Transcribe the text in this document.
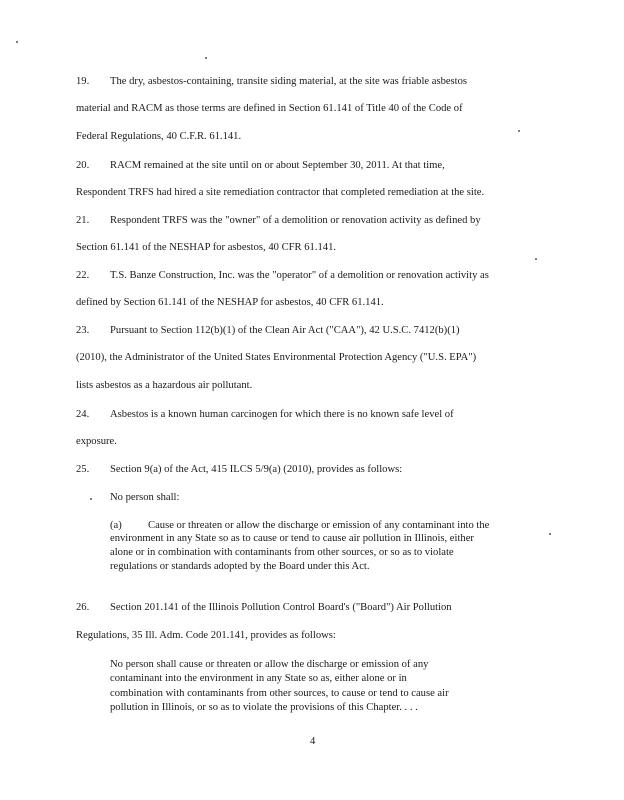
19. The dry, asbestos-containing, transite siding material, at the site was friable asbestos
material and RACM as those terms are defined in Section 61.141 of Title 40 of the Code of
Federal Regulations, 40 C.F.R. 61.141.
20. RACM remained at the site until on or about September 30, 2011. At that time,
Respondent TRFS had hired a site remediation contractor that completed remediation at the site.
21. Respondent TRFS was the "owner" of a demolition or renovation activity as defined by
Section 61.141 of the NESHAP for asbestos, 40 CFR 61.141.
22. T.S. Banze Construction, Inc. was the "operator" of a demolition or renovation activity as
defined by Section 61.141 of the NESHAP for asbestos, 40 CFR 61.141.
23. Pursuant to Section 112(b)(1) of the Clean Air Act ("CAA"), 42 U.S.C. 7412(b)(1)
(2010), the Administrator of the United States Environmental Protection Agency ("U.S. EPA")
lists asbestos as a hazardous air pollutant.
24. Asbestos is a known human carcinogen for which there is no known safe level of
exposure.
25. Section 9(a) of the Act, 415 ILCS 5/9(a) (2010), provides as follows:
No person shall:
(a) Cause or threaten or allow the discharge or emission of any contaminant into the
environment in any State so as to cause or tend to cause air pollution in Illinois, either
alone or in combination with contaminants from other sources, or so as to violate
regulations or standards adopted by the Board under this Act.
26. Section 201.141 of the Illinois Pollution Control Board's ("Board") Air Pollution
Regulations, 35 Ill. Adm. Code 201.141, provides as follows:
No person shall cause or threaten or allow the discharge or emission of any
contaminant into the environment in any State so as, either alone or in
combination with contaminants from other sources, to cause or tend to cause air
pollution in Illinois, or so as to violate the provisions of this Chapter. . . .
4
